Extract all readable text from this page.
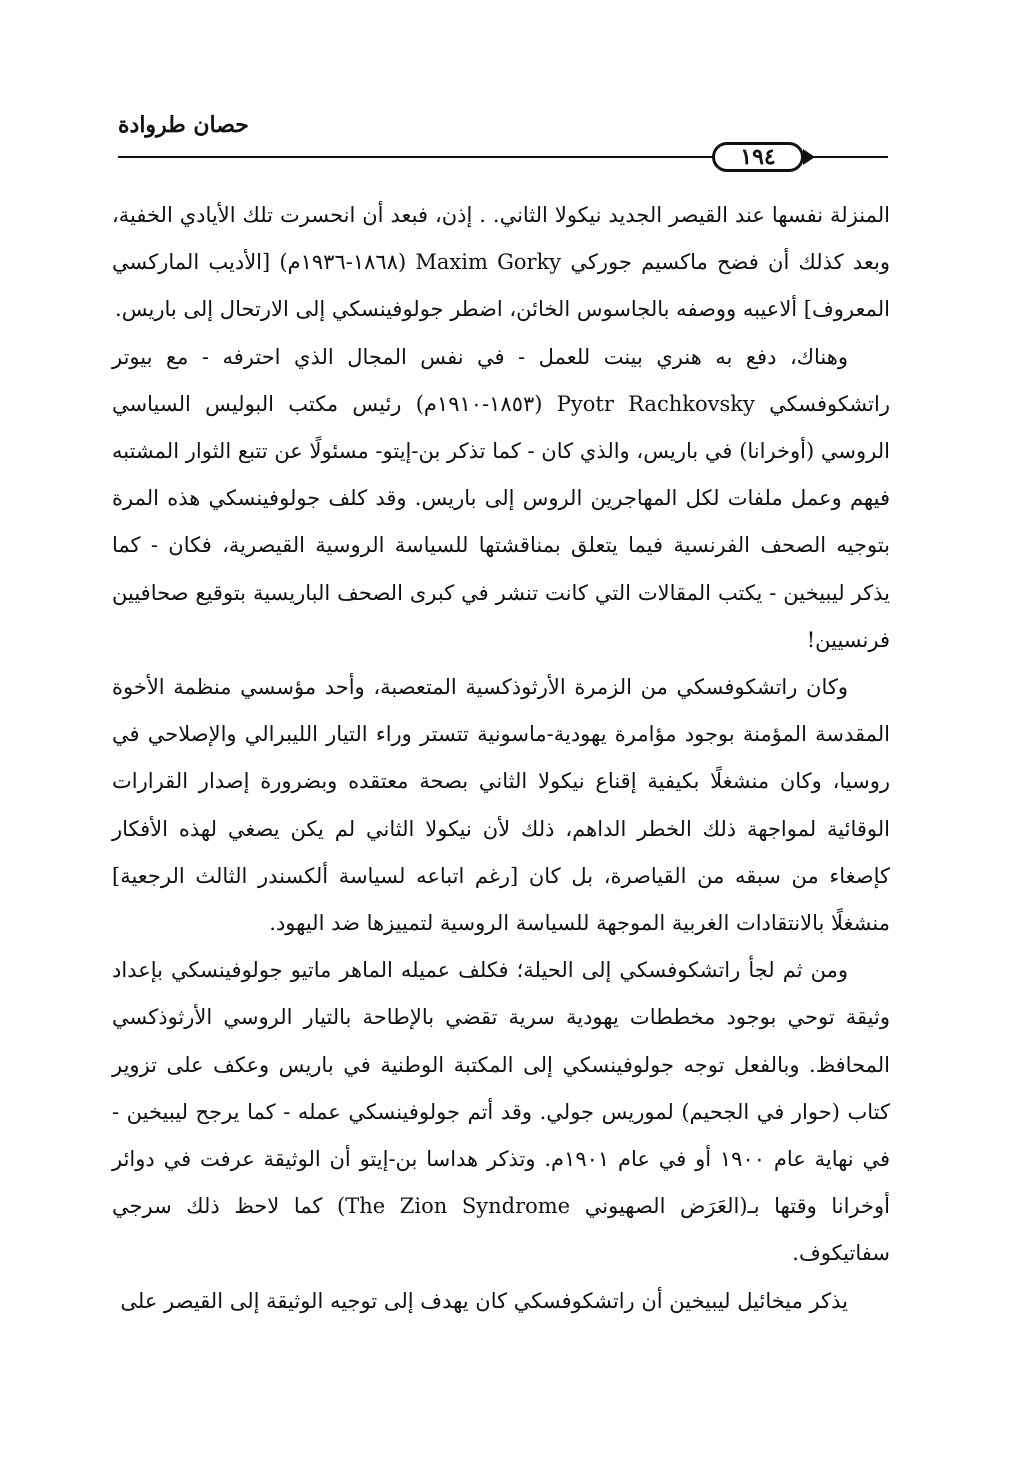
حصان طروادة
١٩٤

المنزلة نفسها عند القيصر الجديد نيكولا الثاني. . إذن، فبعد أن انحسرت تلك الأيادي الخفية، وبعد كذلك أن فضح ماكسيم جوركي Maxim Gorky (١٨٦٨-١٩٣٦م) [الأديب الماركسي المعروف] ألاعيبه ووصفه بالجاسوس الخائن، اضطر جولوفينسكي إلى الارتحال إلى باريس.

وهناك، دفع به هنري بينت للعمل - في نفس المجال الذي احترفه - مع بيوتر راتشكوفسكي Pyotr Rachkovsky (١٨٥٣-١٩١٠م) رئيس مكتب البوليس السياسي الروسي (أوخرانا) في باريس، والذي كان - كما تذكر بن-إيتو- مسئولًا عن تتبع الثوار المشتبه فيهم وعمل ملفات لكل المهاجرين الروس إلى باريس. وقد كلف جولوفينسكي هذه المرة بتوجيه الصحف الفرنسية فيما يتعلق بمناقشتها للسياسة الروسية القيصرية، فكان - كما يذكر ليبيخين - يكتب المقالات التي كانت تنشر في كبرى الصحف الباريسية بتوقيع صحافيين فرنسيين!

وكان راتشكوفسكي من الزمرة الأرثوذكسية المتعصبة، وأحد مؤسسي منظمة الأخوة المقدسة المؤمنة بوجود مؤامرة يهودية-ماسونية تتستر وراء التيار الليبرالي والإصلاحي في روسيا، وكان منشغلًا بكيفية إقناع نيكولا الثاني بصحة معتقده وبضرورة إصدار القرارات الوقائية لمواجهة ذلك الخطر الداهم، ذلك لأن نيكولا الثاني لم يكن يصغي لهذه الأفكار كإصغاء من سبقه من القياصرة، بل كان [رغم اتباعه لسياسة ألكسندر الثالث الرجعية] منشغلًا بالانتقادات الغربية الموجهة للسياسة الروسية لتمييزها ضد اليهود.

ومن ثم لجأ راتشكوفسكي إلى الحيلة؛ فكلف عميله الماهر ماتيو جولوفينسكي بإعداد وثيقة توحي بوجود مخططات يهودية سرية تقضي بالإطاحة بالتيار الروسي الأرثوذكسي المحافظ. وبالفعل توجه جولوفينسكي إلى المكتبة الوطنية في باريس وعكف على تزوير كتاب (حوار في الجحيم) لموريس جولي. وقد أتم جولوفينسكي عمله - كما يرجح ليبيخين - في نهاية عام ١٩٠٠ أو في عام ١٩٠١م. وتذكر هداسا بن-إيتو أن الوثيقة عرفت في دوائر أوخرانا وقتها بـ(العَرَض الصهيوني The Zion Syndrome) كما لاحظ ذلك سرجي سفاتيكوف.

يذكر ميخائيل ليبيخين أن راتشكوفسكي كان يهدف إلى توجيه الوثيقة إلى القيصر على
